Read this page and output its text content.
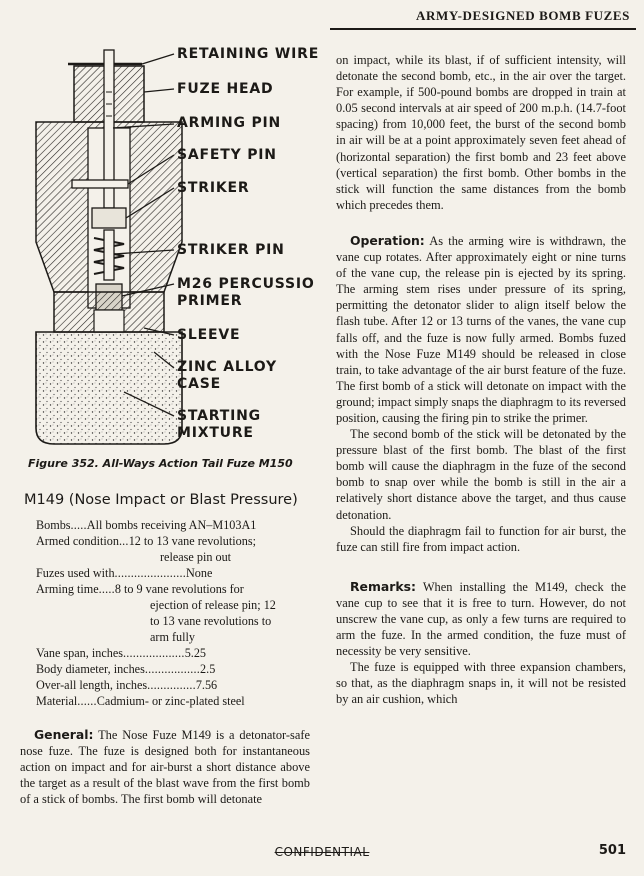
ARMY-DESIGNED BOMB FUZES
RETAINING WIRE
FUZE HEAD
ARMING PIN
SAFETY PIN
STRIKER
STRIKER PIN
M26 PERCUSSIO
PRIMER
SLEEVE
ZINC ALLOY
CASE
STARTING
MIXTURE
Figure 352. All-Ways Action Tail Fuze M150
M149 (Nose Impact or Blast Pressure)
Bombs.....All bombs receiving AN–M103A1
Armed condition...12 to 13 vane revolutions;
release pin out
Fuzes used with......................None
Arming time.....8 to 9 vane revolutions for
ejection of release pin; 12
to 13 vane revolutions to
arm fully
Vane span, inches...................5.25
Body diameter, inches.................2.5
Over-all length, inches...............7.56
Material......Cadmium- or zinc-plated steel

General: The Nose Fuze M149 is a detonator-safe nose fuze. The fuze is designed both for instantaneous action on impact and for air-burst a short distance above the target as a result of the blast wave from the first bomb of a stick of bombs. The first bomb will detonate

on impact, while its blast, if of sufficient intensity, will detonate the second bomb, etc., in the air over the target. For example, if 500-pound bombs are dropped in train at 0.05 second intervals at air speed of 200 m.p.h. (14.7-foot spacing) from 10,000 feet, the burst of the second bomb in air will be at a point approximately seven feet ahead of (horizontal separation) the first bomb and 23 feet above (vertical separation) the first bomb. Other bombs in the stick will function the same distances from the bomb which precedes them.

Operation: As the arming wire is withdrawn, the vane cup rotates. After approximately eight or nine turns of the vane cup, the release pin is ejected by its spring. The arming stem rises under pressure of its spring, permitting the detonator slider to align itself below the flash tube. After 12 or 13 turns of the vanes, the vane cup falls off, and the fuze is now fully armed. Bombs fuzed with the Nose Fuze M149 should be released in close train, to take advantage of the air burst feature of the fuze. The first bomb of a stick will detonate on impact with the ground; impact simply snaps the diaphragm to its reversed position, causing the firing pin to strike the primer.

The second bomb of the stick will be detonated by the pressure blast of the first bomb. The blast of the first bomb will cause the diaphragm in the fuze of the second bomb to snap over while the bomb is still in the air a relatively short distance above the target, and thus cause detonation.

Should the diaphragm fail to function for air burst, the fuze can still fire from impact action.

Remarks: When installing the M149, check the vane cup to see that it is free to turn. However, do not unscrew the vane cup, as only a few turns are required to arm the fuze. In the armed condition, the fuze must of necessity be very sensitive.

The fuze is equipped with three expansion chambers, so that, as the diaphragm snaps in, it will not be resisted by an air cushion, which

CONFIDENTIAL	501
